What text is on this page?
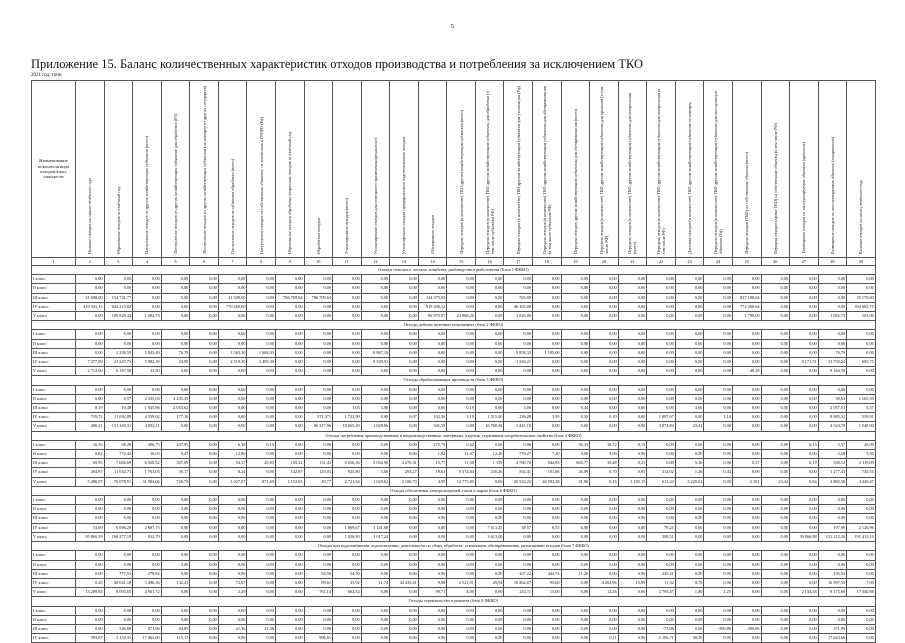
5
Приложение 15. Баланс количественных характеристик отходов производства и потребления за исключением ТКО
2021 год, тонн
Наименование показателя вида отходов/класс опасности	Наличие отходов на начало отчётного года	Образование отходов за отчётный год	Поступление отходов из других хозяйствующих субъектов (всего)	Поступление отходов из других хозяйствующих субъектов для обработки (Рб)	Поступление отходов из других хозяйствующих субъектов (по импорту из других государств)	Поступление отходов от субъектов обработки (всего)	Поступление отходов от собственных объектов, не внесённых в ГРОРО (Рф)	Образование отходов обработки вторичных отходов за отчётный год	Обработано отходов	Утилизировано отходов (всего)	Утилизировано отходов для повторного применения (рециклинг)	Утилизировано отходов предварительно подготовленных отходов	Обезврежено отходов	Передача отходов (в количестве) ТКО другим хозяйствующим субъектам (всего)	Передача отходов (в количестве) ТКО другим хозяйствующим субъектам, для обработки (в том числе субъектам РФ)	Передача отходов (в количестве) ТКО другим хозяйствующим субъектам для утилизации (Рф)	Передача отходов (в количестве) ТКО другим хозяйствующим субъектам для обезвреживания (в том числе субъектам РФ)	Передача отходов другим хозяйствующим субъектам для обезвреживания (всего)	Передача отходов (в количестве) ТКО другим хозяйствующим субъектам для хранения (в том числе РФ)	Передача отходов (в количестве) ТКО другим хозяйствующим субъектам для захоронения (всего)	Передача отходов (в количестве) ТКО другим хозяйствующим субъектам для захоронения (в том числе РФ)	Доставка отходов (в количестве) ТКО другим хозяйствующим субъектам по импорту	Передача отходов (в количестве) ТКО другим хозяйствующим субъектам для эксплуатации объектов (Рф)	Передача отходов (ТКО) на собственные объекты (всего)	Передача отходов (кроме ТКО) на собственные объекты (в том числе РФ)	Размещение отходов на эксплуатируемых объектах (хранение)	Размещение отходов на эксплуатируемых объектах (захоронение)	Наличие отходов на конец отчётного года
1	2	3	4	5	6	7	8	9	10	11	12	13	14	15	16	17	18	19	20	21	22	23	24	25	26	27	28	29
Отходы сельского, лесного хозяйства, рыбоводства и рыболовства (Блок 1 ФККО)																												
I класс	0,00	0,00	0,00	0,00	0,00	0,00	0,00	0,00	0,00	0,00	0,00	0,00	0,00	0,00	0,00	0,00	0,00	0,00	0,00	0,00	0,00	0,00	0,00	0,00	0,00	0,00	0,00	0,00
II класс	0,00	0,00	0,00	0,00	0,00	0,00	0,00	0,00	0,00	0,00	0,00	0,00	0,00	0,00	0,00	0,00	0,00	0,00	0,00	0,00	0,00	0,00	0,00	0,00	0,00	0,00	0,00	0,00
III класс	31 698,00	154 741,77	0,00	0,00	0,00	41 509,00	0,00	786 709,64	786 709,64	0,00	0,00	0,00	144 375,65	0,00	0,00	765,00	0,00	0,00	0,00	0,00	0,00	0,00	0,00	837 180,64	0,00	0,00	0,00	35 170,00
IV класс	419 341,15	642 213,82	0,00	0,00	0,00	770 260,00	0,00	0,00	0,00	0,00	0,00	0,00	919 206,12	0,00	0,00	46 165,00	0,00	0,00	0,00	0,00	0,00	0,00	0,00	772 260,64	0,00	0,00	0,00	394 663,75
V класс	0,00	109 829,44	1 082,73	0,00	0,00	0,00	0,00	0,00	0,00	0,00	0,00	0,00	86 975,07	23 968,20	0,00	3 820,00	0,00	0,00	0,00	0,00	0,00	0,00	0,00	1 799,00	0,00	0,00	1 082,73	103,00
Отходы добычи полезных ископаемых (блок 2 ФККО)																												
I класс	0,00	0,00	0,00	0,00	0,00	0,00	0,00	0,00	0,00	0,00	0,00	0,00	0,00	0,00	0,00	0,00	0,00	0,00	0,00	0,00	0,00	0,00	0,00	0,00	0,00	0,00	0,00	0,00
II класс	0,00	0,00	0,00	0,00	0,00	0,00	0,00	0,00	0,00	0,00	0,00	0,00	0,00	0,00	0,00	0,00	0,00	0,00	0,00	0,00	0,00	0,00	0,00	0,00	0,00	0,00	0,00	0,00
III класс	0,00	2 339,59	5 843,49	76,79	0,00	1 563,10	1 684,03	0,00	0,00	0,00	6 867,16	0,00	0,00	0,00	0,00	5 858,33	1 185,00	0,00	0,00	0,00	0,00	0,00	0,00	0,00	0,00	0,00	76,79	0,00
IV класс	7 377,09	21 247,73	5 982,39	34,09	0,00	2 519,30	3 495,30	0,00	0,00	0,00	6 339,91	0,00	0,00	0,00	0,00	-1 356,21	0,00	0,00	0,00	0,00	0,00	0,00	0,00	0,00	0,00	8 171,51	13 750,24	695,75
V класс	2 712,60	6 187,58	33,50	0,00	0,00	0,00	0,00	0,00	0,00	0,00	0,00	0,00	0,00	0,00	0,00	0,00	0,00	0,00	0,00	0,00	0,00	0,00	0,00	-40,18	0,00	0,00	8 164,50	0,00
Отходы обрабатывающих производств (блок 3 ФККО)																												
I класс	0,00	0,00	0,06	0,06	0,00	0,00	0,00	0,00	0,00	0,00	0,00	0,00	0,00	0,00	0,00	0,00	0,00	0,00	0,00	0,00	0,00	0,00	0,00	0,00	0,00	0,00	0,06	0,00
II класс	0,00	0,57	2 335,03	2 235,35	0,00	0,00	0,00	0,00	0,00	0,00	0,00	0,00	0,00	0,00	0,00	0,00	0,00	0,00	0,00	0,00	0,00	0,00	0,00	0,00	0,00	0,00	39,63	1 165,50
III класс	0,19	10,48	1 045,86	2 053,62	0,00	0,00	0,00	0,00	0,00	1,03	3,00	0,00	0,00	0,19	0,00	3,00	0,00	9,44	0,00	0,00	0,00	3,66	0,00	0,00	0,00	0,00	2 057,53	0,57
IV класс	719,72	11 092,09	4 559,02	177,16	0,00	0,00	0,00	0,00	571,371	1 722,99	0,00	0,07	102,56	3,10	1 515,00	236,28	3,95	0,50	0,10	0,00	1 897,67	0,00	1,14	0,00	0,00	0,00	8 885,32	539,91
V класс	286,21	151 349,31	4 002,11	0,00	0,00	0,00	0,00	0,00	90 317,96	18 665,29	1 028,86	0,00	541,39	0,00	16 768,48	1 441,18	0,00	0,00	0,00	0,00	3 874,84	23,41	0,00	0,00	0,00	0,00	4 524,78	1 548,90
Отходы потребления производственные и непроизводственные; материалы, изделия, утратившие потребительские свойства (блок 4 ФККО)																												
I класс	16,16	38,28	306,75	247,95	0,00	6,38	0,15	0,00	0,00	0,00	0,00	0,00	275,75	0,62	0,00	0,06	0,00	56,33	16,72	0,13	0,00	0,00	0,00	0,00	0,00	0,13	5,37	26,09
II класс	0,82	772,44	16,03	0,47	0,00	12,80	0,00	0,00	0,00	0,00	0,00	0,00	1,92	12,47	12,20	770,27	7,20	4,08	9,00	0,00	0,00	0,00	0,00	0,00	0,00	0,00	2,18	5,50
III класс	69,95	7 666,69	6 920,52	307,09	0,00	54,37	20,83	165,22	131,43	6 656,36	5 034,90	4 276,31	15,77	11,30	1 159	4 760,70	944,83	665,77	18,48	0,23	0,00	5,36	0,00	0,37	0,00	0,19	530,12	2 119,09
IV класс	284,87	11 042,71	1 761,03	30,17	0,00	8,24	0,00	142,87	125,03	925,80	5,60	203,27	19,62	9 374,84	230,26	502,41	101,86	26,09	0,70	0,05	312,02	1,26	0,44	0,00	0,00	0,00	1 277,43	745,54
V класс	5 496,07	76 078,91	31 082,06	726,70	0,00	1 027,07	871,69	1 152,65	49,77	2 721,84	1 029,62	2 106,70	4,95	12 775,85	0,00	20 534,23	46 582,38	31,96	0,16	1 182,15	613,20	3 220,02	0,00	2 201	23,44	0,84	3 882,58	4 426,47
Отходы обеспечения электроэнергией, газом и паром (блок 6 ФККО)																												
I класс	0,00	0,00	0,00	0,00	0,00	0,00	0,00	0,00	0,00	0,00	0,00	0,00	0,00	0,00	0,00	0,00	0,00	0,00	0,00	0,00	0,00	0,00	0,00	0,00	0,00	0,00	0,00	0,00
II класс	0,00	0,00	0,00	0,00	0,00	0,00	0,00	0,00	0,00	0,00	0,00	0,00	0,00	0,00	0,00	0,00	0,00	0,00	0,00	0,00	0,00	0,00	0,00	0,00	0,00	0,00	0,00	0,00
III класс	0,00	0,00	0,00	0,00	0,00	0,00	0,00	0,00	0,00	0,00	0,00	0,00	0,00	0,00	0,00	0,00	0,00	0,00	0,00	0,00	0,00	0,00	0,00	0,00	0,00	0,00	0,00	0,00
IV класс	13,69	6 096,29	2 687,75	0,00	0,00	0,00	0,00	0,00	0,00	1 869,67	1 141,68	0,00	0,00	0,00	7 613,25	38,57	6,55	6,88	0,00	0,00	79,25	0,00	0,00	0,00	0,00	0,00	197,99	2 126,96
V класс	95 860,59	168 277,19	932,79	0,00	0,00	0,00	0,00	0,00	0,00	1 026,80	1 017,24	0,00	0,00	0,00	3 613,00	0,00	0,00	0,00	0,00	0,00	308,51	0,00	0,00	0,00	0,00	39 866,88	121 212,26	191 413,19
Отходы при водоснабжении, водоотведении, деятельности по сбору, обработке, утилизации, обезвреживанию, размещению отходов (блок 7 ФККО)																												
I класс	0,00	0,00	0,00	0,00	0,00	0,00	0,00	0,00	0,00	0,00	0,00	0,00	0,00	0,00	0,00	0,00	0,00	0,00	0,00	0,00	0,00	0,00	0,00	0,00	0,00	0,00	0,00	0,00
II класс	0,00	0,00	0,00	0,00	0,00	0,00	0,00	0,00	0,00	0,00	0,00	0,00	0,00	0,00	0,00	0,00	0,00	0,00	0,00	0,00	0,00	0,00	0,00	0,00	0,00	0,00	0,00	0,00
III класс	0,00	777,53	279,82	0,00	0,00	0,00	0,00	0,00	54,50	54,50	0,00	0,00	0,00	0,00	0,00	-167,22	442,72	11,20	0,00	0,00	245,41	0,00	0,00	0,00	0,00	0,00	195,53	0,00
IV класс	0,20	30 041,18	3 496,36	132,41	0,00	72,67	0,00	0,00	89,61	23,92	11,74	44 435,61	9,08	2 521,91	29,94	10 262,07	95,60	0,00	4 202,96	15,89	11,32	8,70	0,00	0,00	0,00	0,00	16 997,55	7,00
V класс	13 289,83	8 093,65	4 961,72	0,00	0,00	2,49	0,00	0,00	761,14	662,34	0,00	0,00	98,71	4,00	0,00	233,11	15,00	0,00	12,26	0,00	2 795,47	1,80	1,25	0,00	0,00	2 134,38	8 175,60	17 340,88
Отходы строительства и ремонта (блок 8 ФККО)																												
I класс	0,00	0,00	0,00	0,00	0,00	0,00	0,00	0,00	0,00	0,00	0,00	0,00	0,00	0,00	0,00	0,00	0,00	0,00	0,00	0,00	0,00	0,00	0,00	0,00	0,00	0,00	0,00	0,00
II класс	0,00	0,00	0,00	0,00	0,00	0,00	0,00	0,00	0,00	0,00	0,00	0,00	0,00	0,00	0,00	0,00	0,00	0,00	0,00	0,00	0,00	0,00	0,00	0,00	0,00	0,00	0,00	0,00
III класс	0,00	546,68	871,96	44,85	0,00	21,36	21,36	0,00	0,00	0,00	0,00	0,00	0,00	0,00	0,00	0,00	0,00	0,00	0,00	0,00	-77,06	0,00	-390,86	390,86	0,00	0,00	371,99	0,00
IV класс	993,87	2 153,31	17 062,00	115,17	0,00	0,00	0,00	0,00	996,61	0,00	0,00	0,00	0,00	0,00	0,00	0,00	0,00	0,00	0,11	0,00	2 106,71	58,50	0,00	0,00	0,00	0,00	17 623,66	0,00
